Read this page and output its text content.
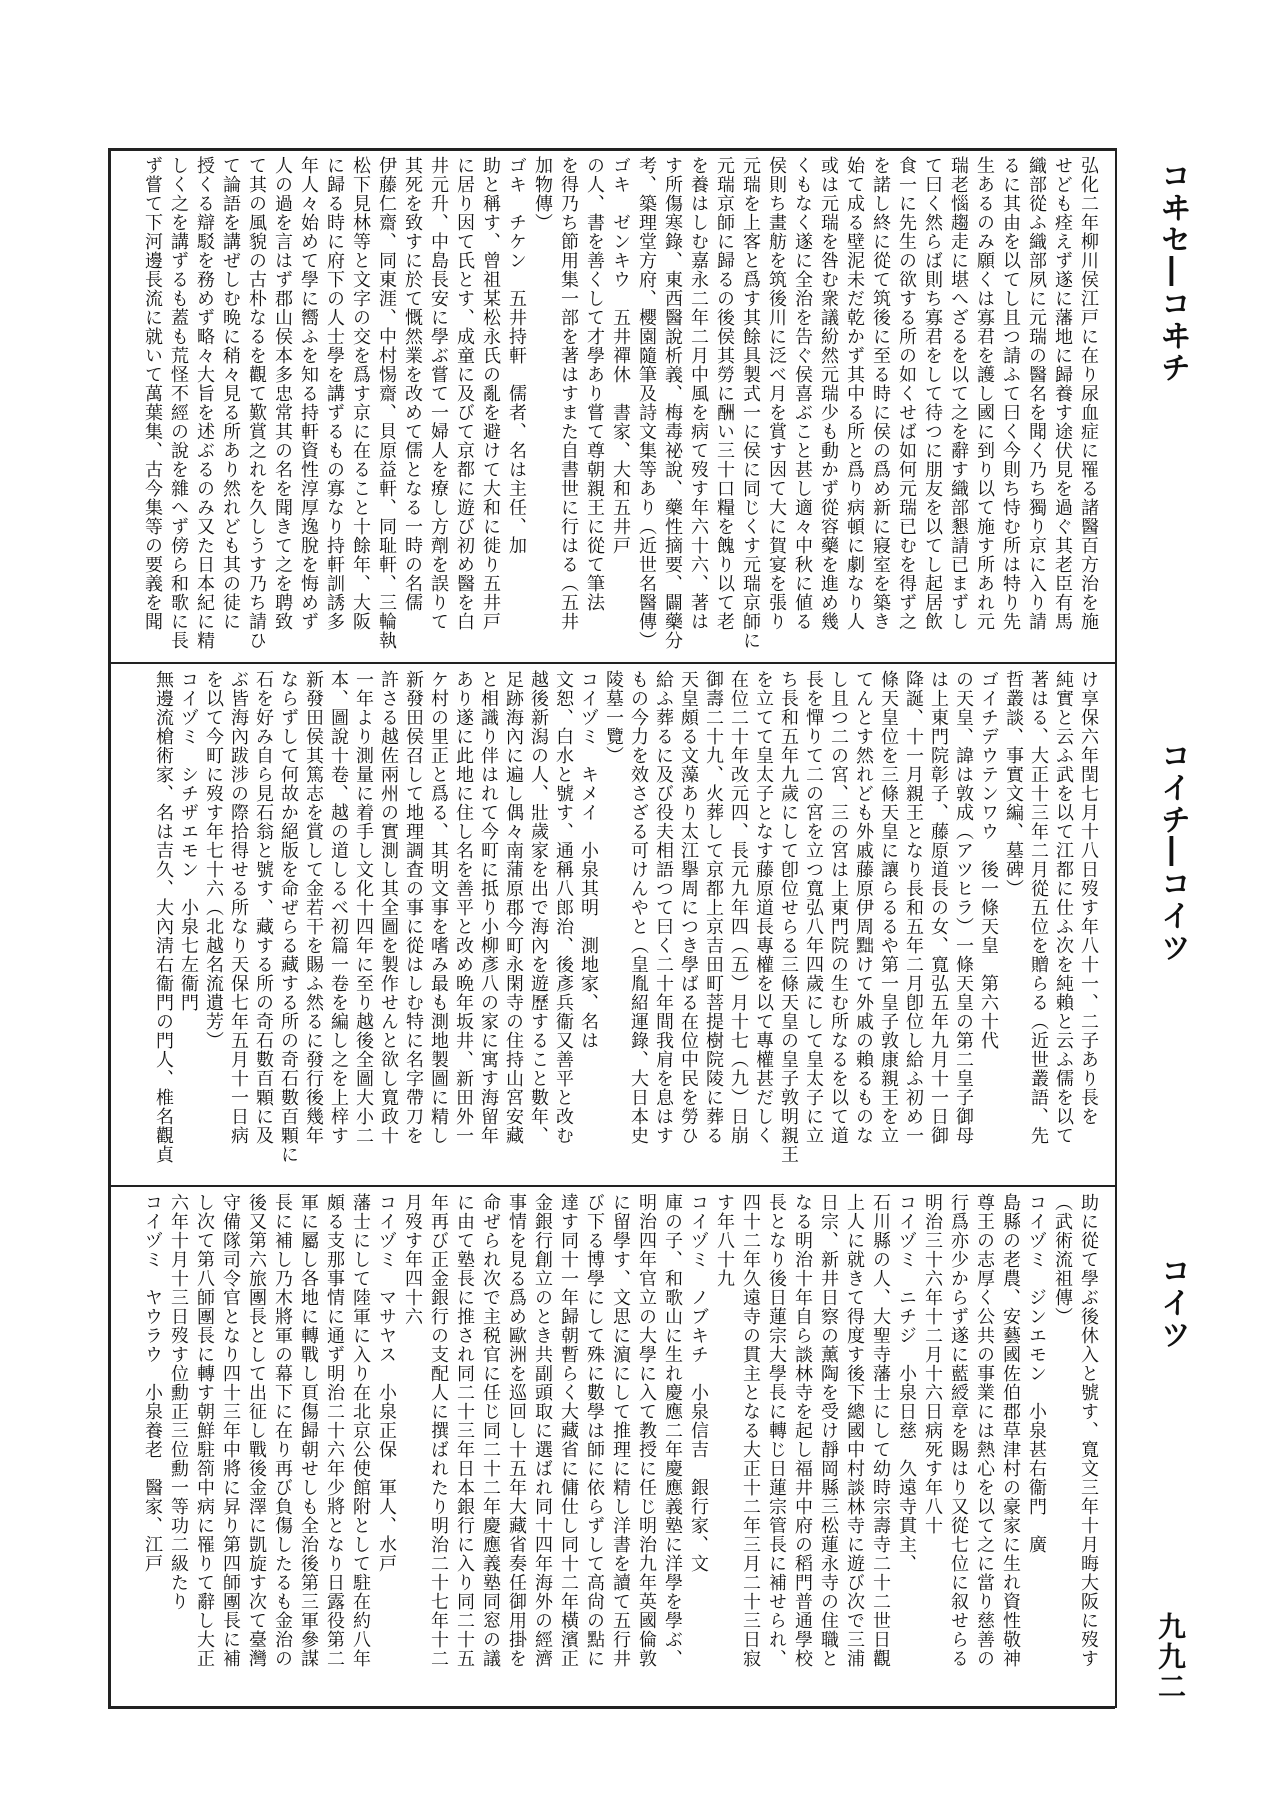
コヰセ―コヰチ
コイチ―コイツ
コイツ
九九二
弘化二年柳川侯江戸に在り尿血症に罹る諸醫百方治を施
せども痊えず遂に藩地に歸養す途伏見を過ぐ其老臣有馬
織部從ふ織部夙に元瑞の醫名を聞く乃ち獨り京に入り請
るに其由を以てし且つ請ふて曰く今則ち恃む所は特り先
生あるのみ願くは寡君を護し國に到り以て施す所あれ元
瑞老惱趨走に堪へざるを以て之を辭す織部懇請已まずし
て曰く然らば則ち寡君をして待つに朋友を以てし起居飲
食一に先生の欲する所の如くせば如何元瑞已むを得ず之
を諾し終に從て筑後に至る時に侯の爲め新に寢室を築き
始て成る壁泥未だ乾かず其中る所と爲り病頓に劇なり人
或は元瑞を咎む衆議紛然元瑞少も動かず從容藥を進め幾
くもなく遂に全治を告ぐ侯喜ぶこと甚し適々中秋に値る
侯則ち畫舫を筑後川に泛べ月を賞す因て大に賀宴を張り
元瑞を上客と爲す其餘具製式一に侯に同じくす元瑞京師に
元瑞京師に歸るの後侯其勞に酬い三十口糧を餽り以て老
を養はしむ嘉永二年二月中風を病て歿す年六十六、著は
す所傷寒錄、東西醫說析義、梅毒祕說、藥性摘要、闢藥分
考、築理堂方府、櫻園隨筆及詩文集等あり（近世名醫傳）
ゴキ　ゼンキウ　五井禪休　書家、大和五井戸
の人、書を善くして才學あり嘗て尊朝親王に從て筆法
を得乃ち節用集一部を著はすまた自書世に行はる（五井
加物傳）
ゴキ　チケン　五井持軒　儒者、名は主任、加
助と稱す、曾祖某松永氏の亂を避けて大和に徙り五井戸
に居り因て氏とす、成童に及びて京都に遊び初め醫を白
井元升、中島長安に學ぶ嘗て一婦人を療し方劑を誤りて
其死を致すに於て慨然業を改めて儒となる一時の名儒
伊藤仁齋、同東涯、中村惕齋、貝原益軒、同耻軒、三輪執
松下見林等と文字の交を爲す京に在ること十餘年、大阪
に歸る時に府下の人士學を講ずるもの寡なり持軒訓誘多
年人々始めて學に嚮ふを知る持軒資性淳厚逸脫を悔めず
人の過を言はず郡山侯本多忠常其の名を聞きて之を聘致
て其の風貌の古朴なるを觀て歎賞之れを久しうす乃ち請ひ
て論語を講ぜしむ晩に稍々見る所あり然れども其の徒に
授くる辯駁を務めず略々大旨を述ぶるのみ又た日本紀に精
しく之を講ずるも蓋も荒怪不經の說を雜へず傍ら和歌に長
ず嘗て下河邊長流に就いて萬葉集、古今集等の要義を聞
け享保六年閏七月十八日歿す年八十一、二子あり長を
純實と云ふ武を以て江都に仕ふ次を純賴と云ふ儒を以て
著はる、大正十三年二月從五位を贈らる（近世叢語、先
哲叢談、事實文編、墓碑）
ゴイチデウテンワウ　後一條天皇　第六十代
の天皇、諱は敦成（アツヒラ）一條天皇の第二皇子御母
は上東門院彰子、藤原道長の女、寬弘五年九月十一日御
降誕、十一月親王となり長和五年二月卽位し給ふ初め一
條天皇位を三條天皇に讓らるるや第一皇子敦康親王を立
てんとす然れども外戚藤原伊周黜けて外戚の賴るものな
し且つ二の宮、三の宮は上東門院の生む所なるを以て道
長を憚りて二の宮を立つ寬弘八年四歲にして皇太子に立
ち長和五年九歲にして卽位せらる三條天皇の皇子敦明親王
を立てて皇太子となす藤原道長專權を以て專權甚だしく
在位二十年改元四、長元九年四（五）月十七（九）日崩
御壽二十九、火葬して京都上京吉田町菩提樹院陵に葬る
天皇頗る文藻あり太江擧周につき學ばる在位中民を勞ひ
給ふ葬るに及び役夫相語つて曰く二十年間我肩を息はす
もの今力を效さざる可けんやと（皇胤紹運錄、大日本史
陵墓一覽）
コイヅミ　キメイ　小泉其明　測地家、名は
文恕、白水と號す、通稱八郎治、後彥兵衞又善平と改む
越後新潟の人、壯歲家を出で海內を遊歷すること數年、
足跡海內に遍し偶々南蒲原郡今町永閑寺の住持山宮安藏
と相識り伴はれて今町に抵り小柳彥八の家に寓す海留年
あり遂に此地に住し名を善平と改め晩年坂井、新田外一
ケ村の里正と爲る、其明文事を嗜み最も測地製圖に精し
新發田侯召して地理調査の事に從はしむ特に名字帶刀を
許さる越佐兩州の實測し其全圖を製作せんと欲し寬政十
一年より測量に着手し文化十四年に至り越後全圖大小二
本、圖說十卷、越の道しるべ初篇一卷を編し之を上梓す
新發田侯其篤志を賞して金若干を賜ふ然るに發行後幾年
ならずして何故か絕版を命ぜらる藏する所の奇石數百顆に
石を好み自ら見石翁と號す、藏する所の奇石數百顆に及
ぶ皆海內跋涉の際拾得せる所なり天保七年五月十一日病
を以て今町に歿す年七十六（北越名流遺芳）
コイヅミ　シチザエモン　小泉七左衞門
無邊流槍術家、名は吉久、大內淸右衞門の門人、椎名觀貞
助に從て學ぶ後休入と號す、寬文三年十月晦大阪に歿す
（武術流祖傳）
コイヅミ　ジンエモン　小泉甚右衞門　廣
島縣の老農、安藝國佐伯郡草津村の豪家に生れ資性敬神
尊王の志厚く公共の事業には熱心を以て之に當り慈善の
行爲亦少からず遂に藍綬章を賜はり又從七位に叙せらる
明治三十六年十二月十六日病死す年八十
コイヅミ　ニチジ　小泉日慈　久遠寺貫主、
石川縣の人、大聖寺藩士にして幼時宗壽寺二十二世日觀
上人に就きて得度す後下總國中村談林寺に遊び次で三浦
日宗、新井日察の薰陶を受け靜岡縣三松蓮永寺の住職と
なる明治十年自ら談林寺を起し福井中府の稻門普通學校
長となり後日蓮宗大學長に轉じ日蓮宗管長に補せられ、
四十二年久遠寺の貫主となる大正十二年三月二十三日寂
す年八十九
コイヅミ　ノブキチ　小泉信吉　銀行家、文
庫の子、和歌山に生れ慶應二年慶應義塾に洋學を學ぶ、
明治四年官立の大學に入て教授に任じ明治九年英國倫敦
に留學す、文思に濵にして推理に精し洋書を讀て五行井
び下る博學にして殊に數學は師に依らずして高尙の點に
達す同十一年歸朝暫らく大藏省に傭仕し同十二年橫濱正
金銀行創立のとき共副頭取に選ばれ同十四年海外の經濟
事情を見る爲め歐洲を巡回し十五年大藏省奏任御用掛を
命ぜられ次で主税官に任じ同二十二年慶應義塾同窓の議
に由て塾長に推され同二十三年日本銀行に入り同二十五
年再び正金銀行の支配人に撰ばれたり明治二十七年十二
月歿す年四十六
コイヅミ　マサヤス　小泉正保　軍人、水戸
藩士にして陸軍に入り在北京公使館附として駐在約八年
頗る支那事情に通ず明治二十六年少將となり日露役第二
軍に屬し各地に轉戰し頁傷歸朝せしも全治後第三軍參謀
長に補し乃木將軍の幕下に在り再び負傷したるも金治の
後又第六旅團長として出征し戰後金澤に凱旋す次て臺灣
守備隊司令官となり四十三年中將に昇り第四師團長に補
し次て第八師團長に轉す朝鮮駐箚中病に罹りて辭し大正
六年十月十三日歿す位勳正三位勳一等功二級たり
コイヅミ　ヤウラウ　小泉養老　醫家、江戸
